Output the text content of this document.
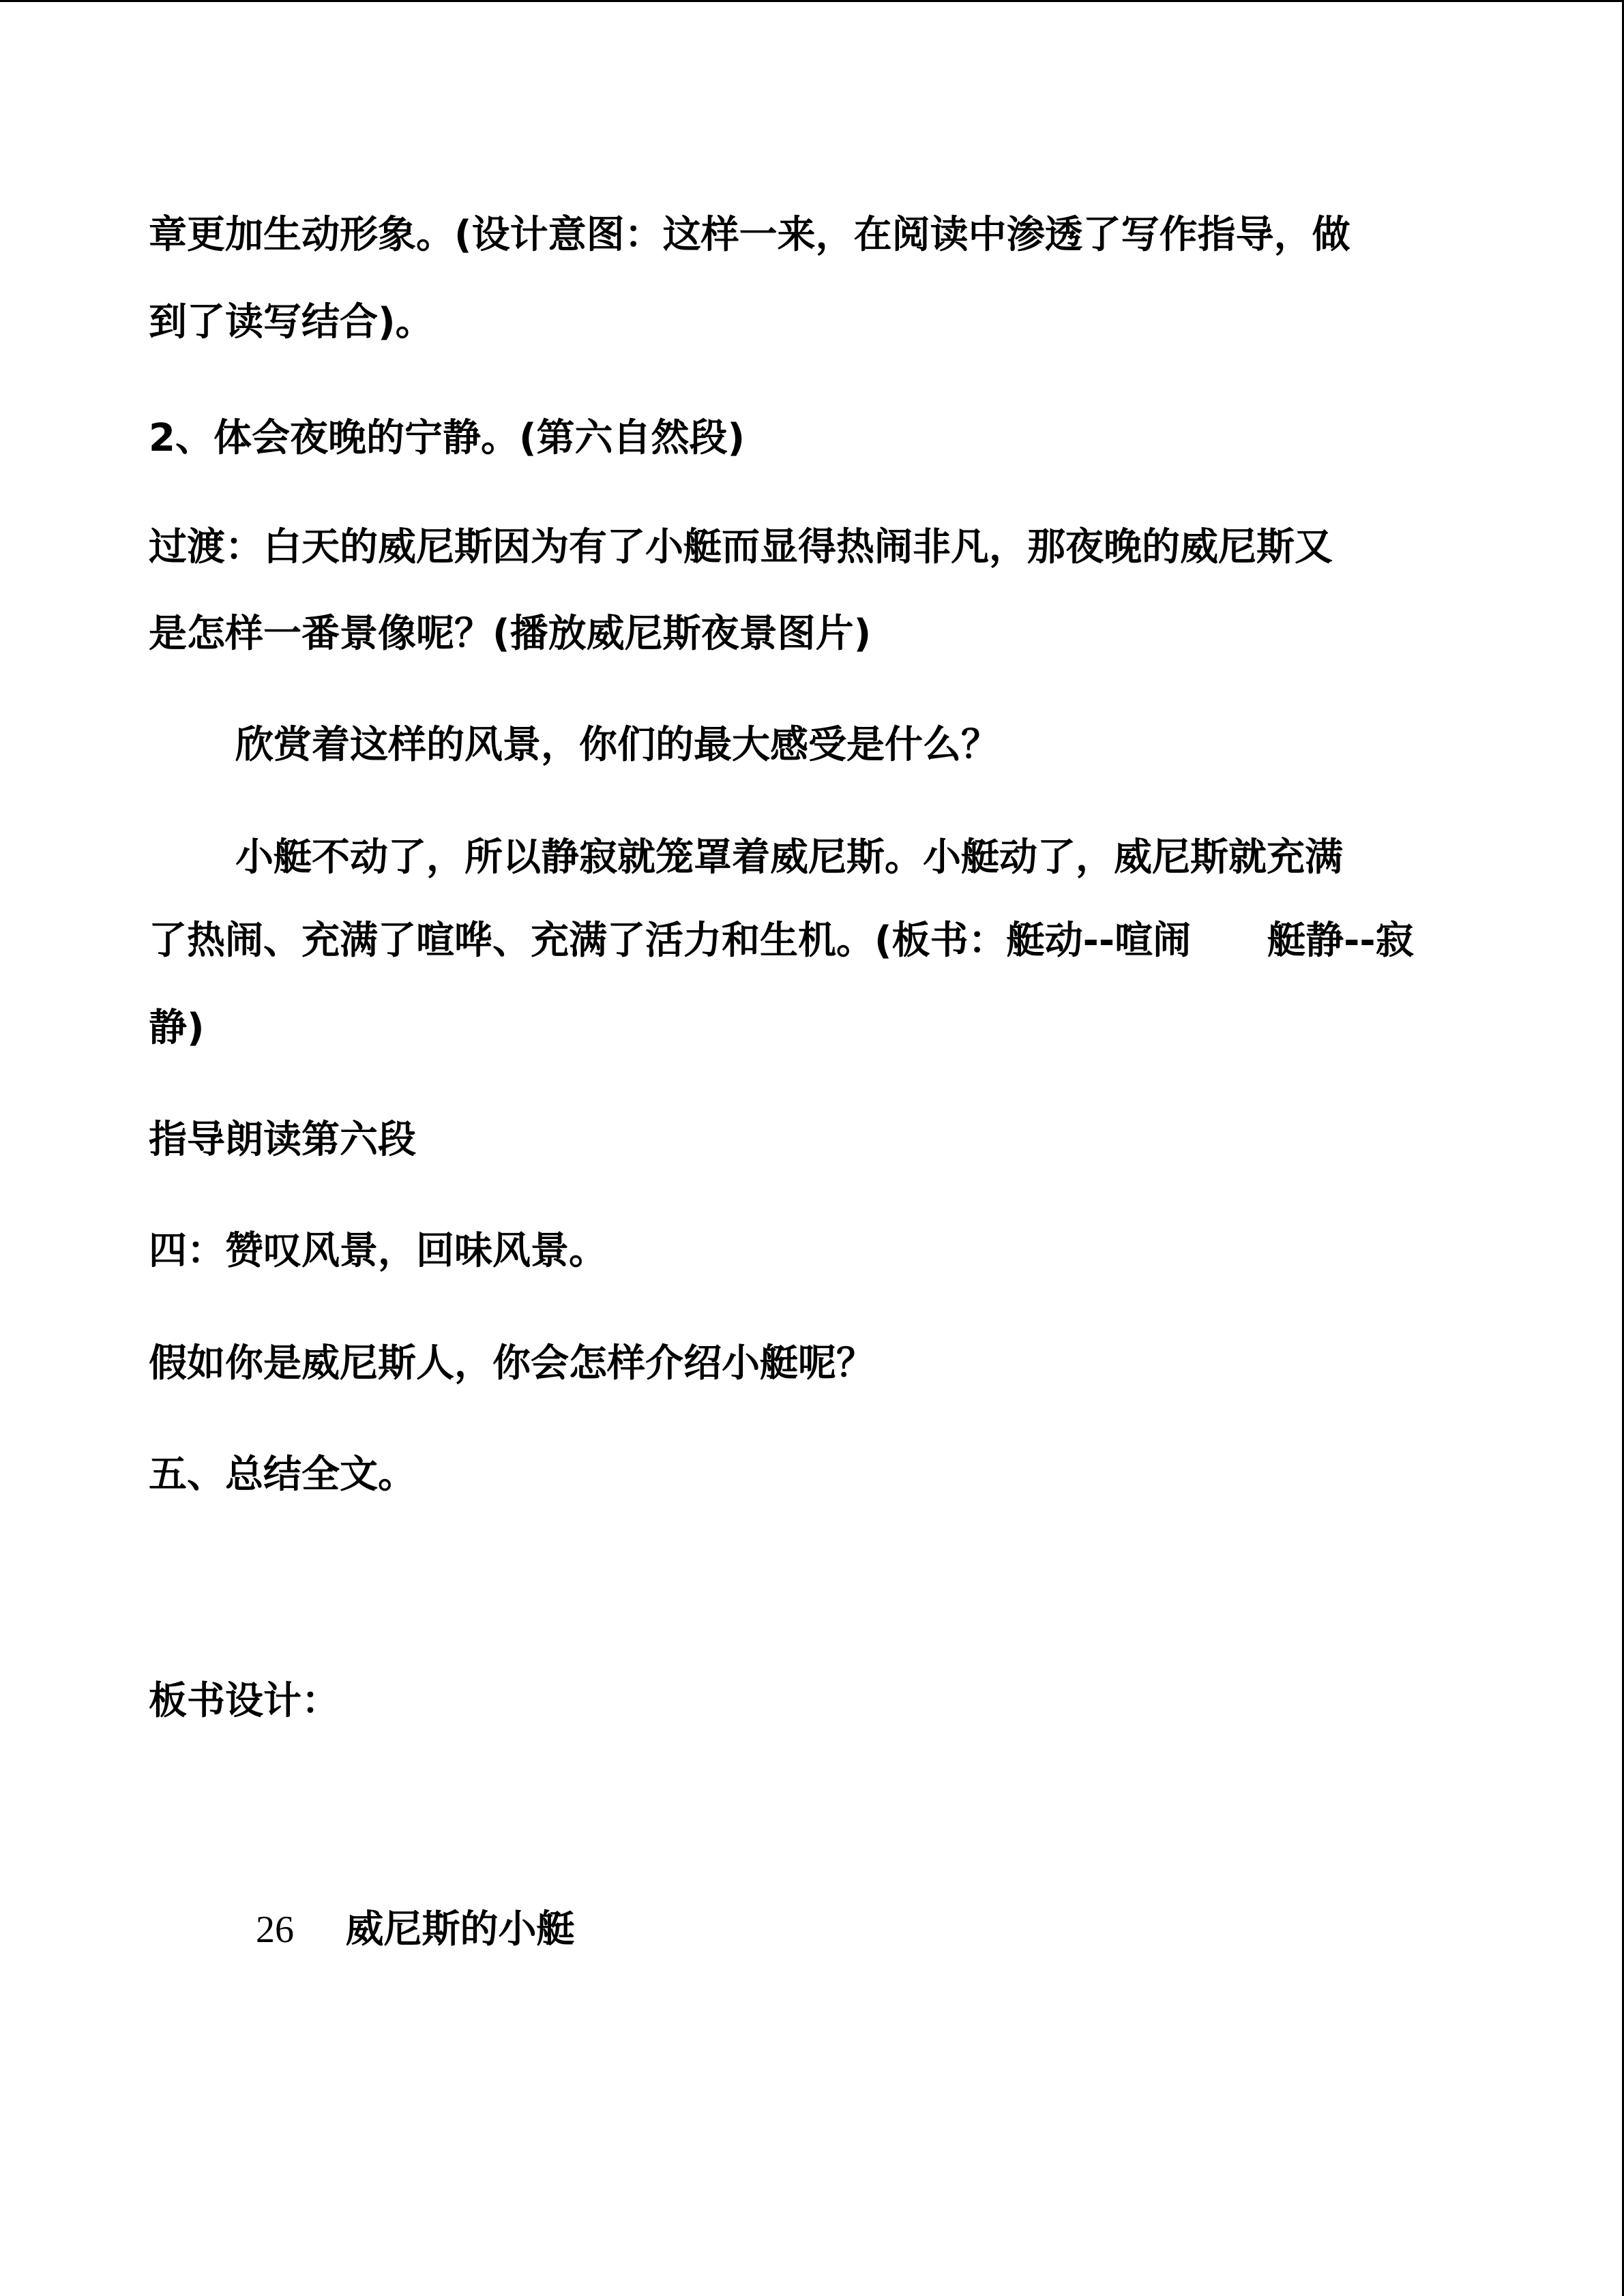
章更加生动形象。(设计意图：这样一来，在阅读中渗透了写作指导，做
到了读写结合)。
2、体会夜晚的宁静。(第六自然段)
过渡：白天的威尼斯因为有了小艇而显得热闹非凡，那夜晚的威尼斯又
是怎样一番景像呢？(播放威尼斯夜景图片)
欣赏着这样的风景，你们的最大感受是什么？
小艇不动了，所以静寂就笼罩着威尼斯。小艇动了，威尼斯就充满
了热闹、充满了喧哗、充满了活力和生机。(板书：艇动--喧闹　　艇静--寂
静)
指导朗读第六段
四：赞叹风景，回味风景。
假如你是威尼斯人，你会怎样介绍小艇呢？
五、总结全文。
板书设计：
26 威尼斯的小艇
